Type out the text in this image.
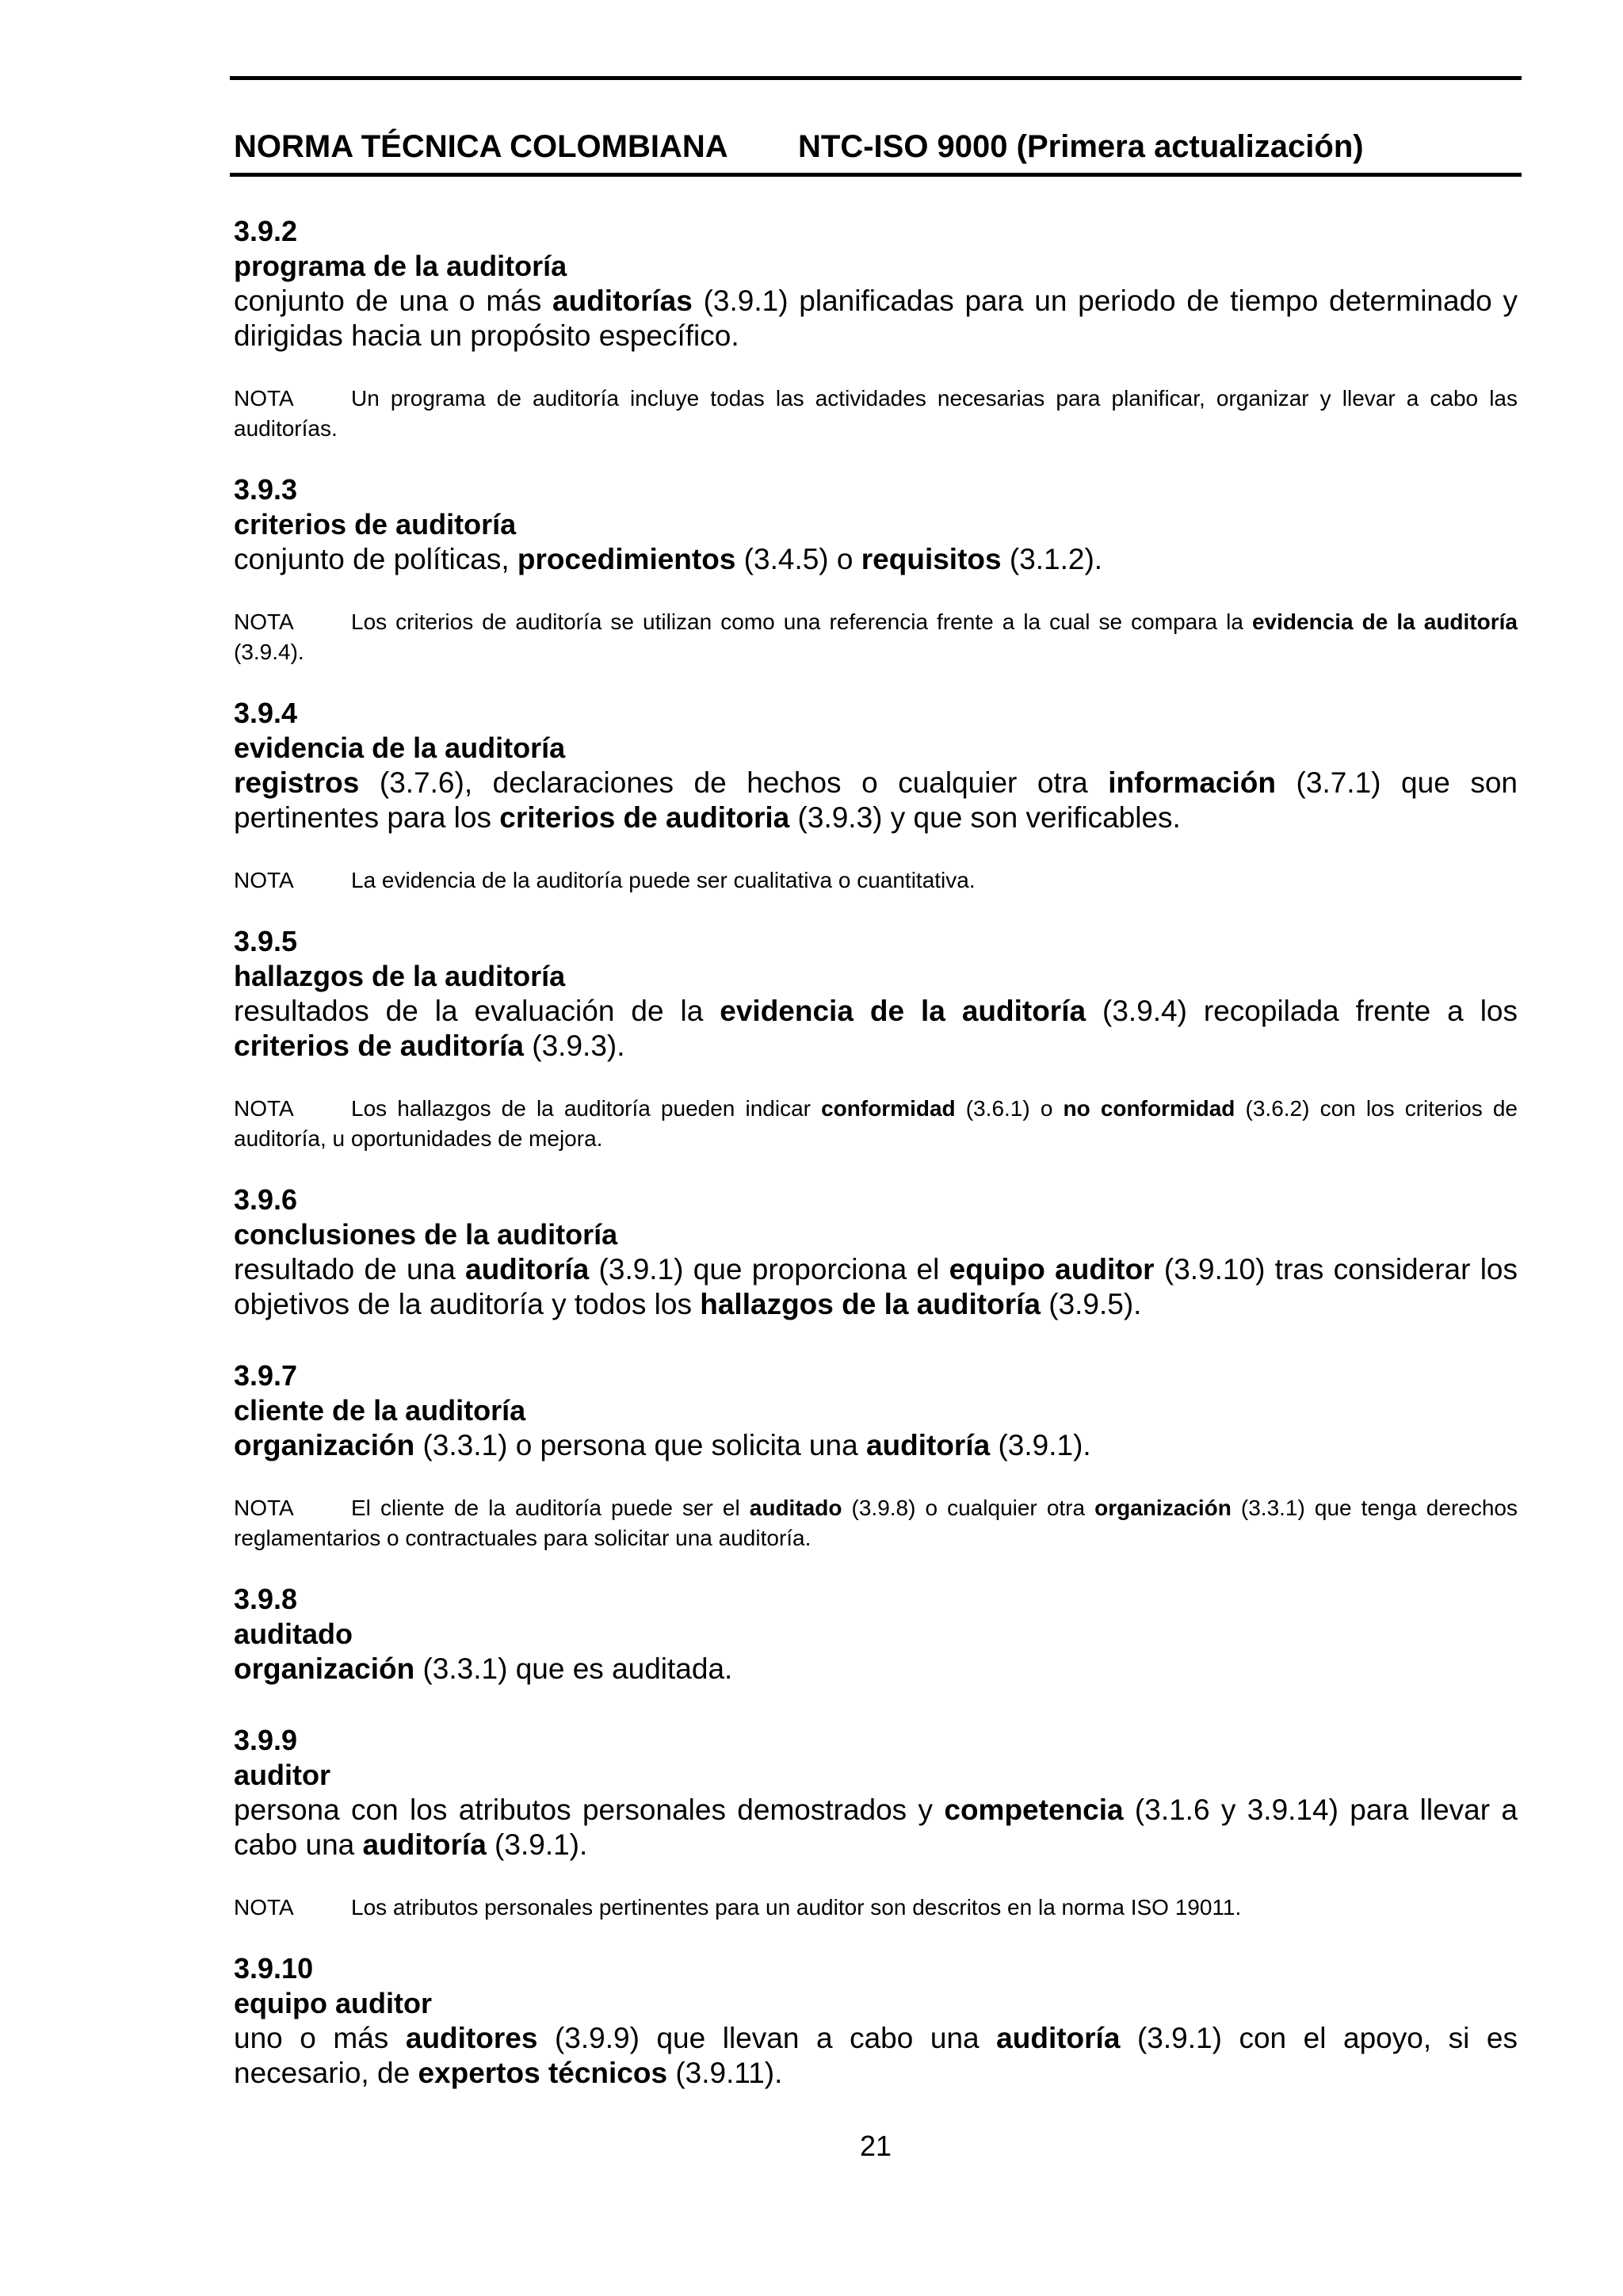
NORMA TÉCNICA COLOMBIANA NTC-ISO 9000 (Primera actualización)

3.9.2

programa de la auditoría

conjunto de una o más auditorías (3.9.1) planificadas para un periodo de tiempo determinado y dirigidas hacia un propósito específico.

NOTA	Un programa de auditoría incluye todas las actividades necesarias para planificar, organizar y llevar a cabo las auditorías.

3.9.3

criterios de auditoría

conjunto de políticas, procedimientos (3.4.5) o requisitos (3.1.2).

NOTA	Los criterios de auditoría se utilizan como una referencia frente a la cual se compara la evidencia de la auditoría (3.9.4).

3.9.4

evidencia de la auditoría

registros (3.7.6), declaraciones de hechos o cualquier otra información (3.7.1) que son pertinentes para los criterios de auditoria (3.9.3) y que son verificables.

NOTA	La evidencia de la auditoría puede ser cualitativa o cuantitativa.

3.9.5

hallazgos de la auditoría

resultados de la evaluación de la evidencia de la auditoría (3.9.4) recopilada frente a los criterios de auditoría (3.9.3).

NOTA	Los hallazgos de la auditoría pueden indicar conformidad (3.6.1) o no conformidad (3.6.2) con los criterios de auditoría, u oportunidades de mejora.

3.9.6

conclusiones de la auditoría

resultado de una auditoría (3.9.1) que proporciona el equipo auditor (3.9.10) tras considerar los objetivos de la auditoría y todos los hallazgos de la auditoría (3.9.5).

3.9.7

cliente de la auditoría

organización (3.3.1) o persona que solicita una auditoría (3.9.1).

NOTA	El cliente de la auditoría puede ser el auditado (3.9.8) o cualquier otra organización (3.3.1) que tenga derechos reglamentarios o contractuales para solicitar una auditoría.

3.9.8

auditado

organización (3.3.1) que es auditada.

3.9.9

auditor

persona con los atributos personales demostrados y competencia (3.1.6 y 3.9.14) para llevar a cabo una auditoría (3.9.1).

NOTA	Los atributos personales pertinentes para un auditor son descritos en la norma ISO 19011.

3.9.10

equipo auditor

uno o más auditores (3.9.9) que llevan a cabo una auditoría (3.9.1) con el apoyo, si es necesario, de expertos técnicos (3.9.11).

21
